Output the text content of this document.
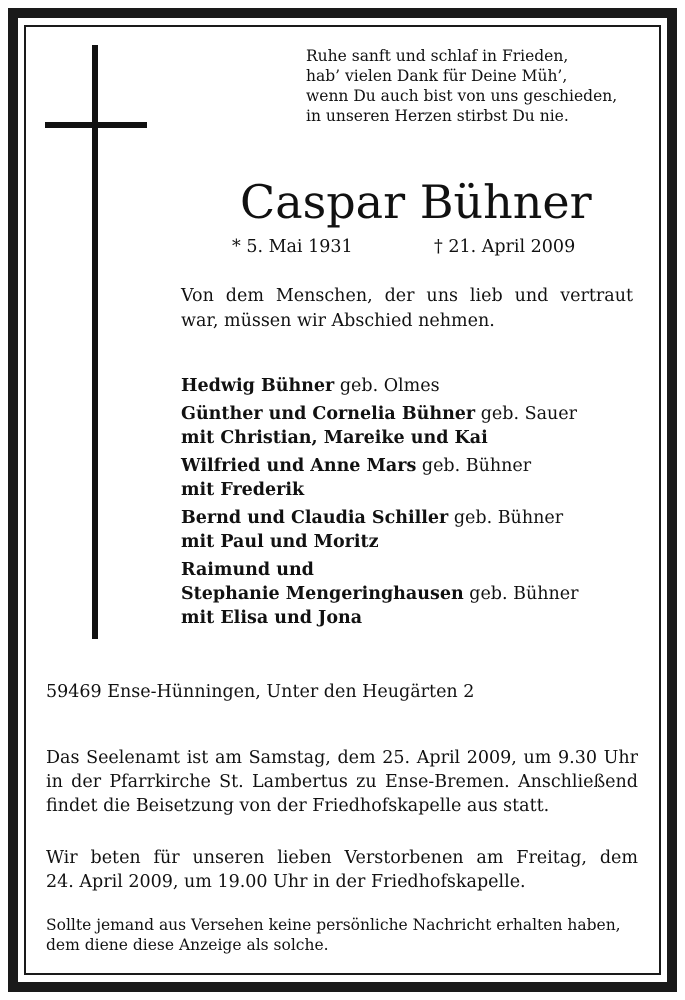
Ruhe sanft und schlaf in Frieden,
hab’ vielen Dank für Deine Müh’,
wenn Du auch bist von uns geschieden,
in unseren Herzen stirbst Du nie.
Caspar Bühner
* 5. Mai 1931	† 21. April 2009
Von dem Menschen, der uns lieb und vertraut
war, müssen wir Abschied nehmen.
Hedwig Bühner geb. Olmes
Günther und Cornelia Bühner geb. Sauer
mit Christian, Mareike und Kai
Wilfried und Anne Mars geb. Bühner
mit Frederik
Bernd und Claudia Schiller geb. Bühner
mit Paul und Moritz
Raimund und
Stephanie Mengeringhausen geb. Bühner
mit Elisa und Jona
59469 Ense-Hünningen, Unter den Heugärten 2
Das Seelenamt ist am Samstag, dem 25. April 2009, um 9.30 Uhr
in der Pfarrkirche St. Lambertus zu Ense-Bremen. Anschließend
findet die Beisetzung von der Friedhofskapelle aus statt.
Wir beten für unseren lieben Verstorbenen am Freitag, dem
24. April 2009, um 19.00 Uhr in der Friedhofskapelle.
Sollte jemand aus Versehen keine persönliche Nachricht erhalten haben,
dem diene diese Anzeige als solche.
